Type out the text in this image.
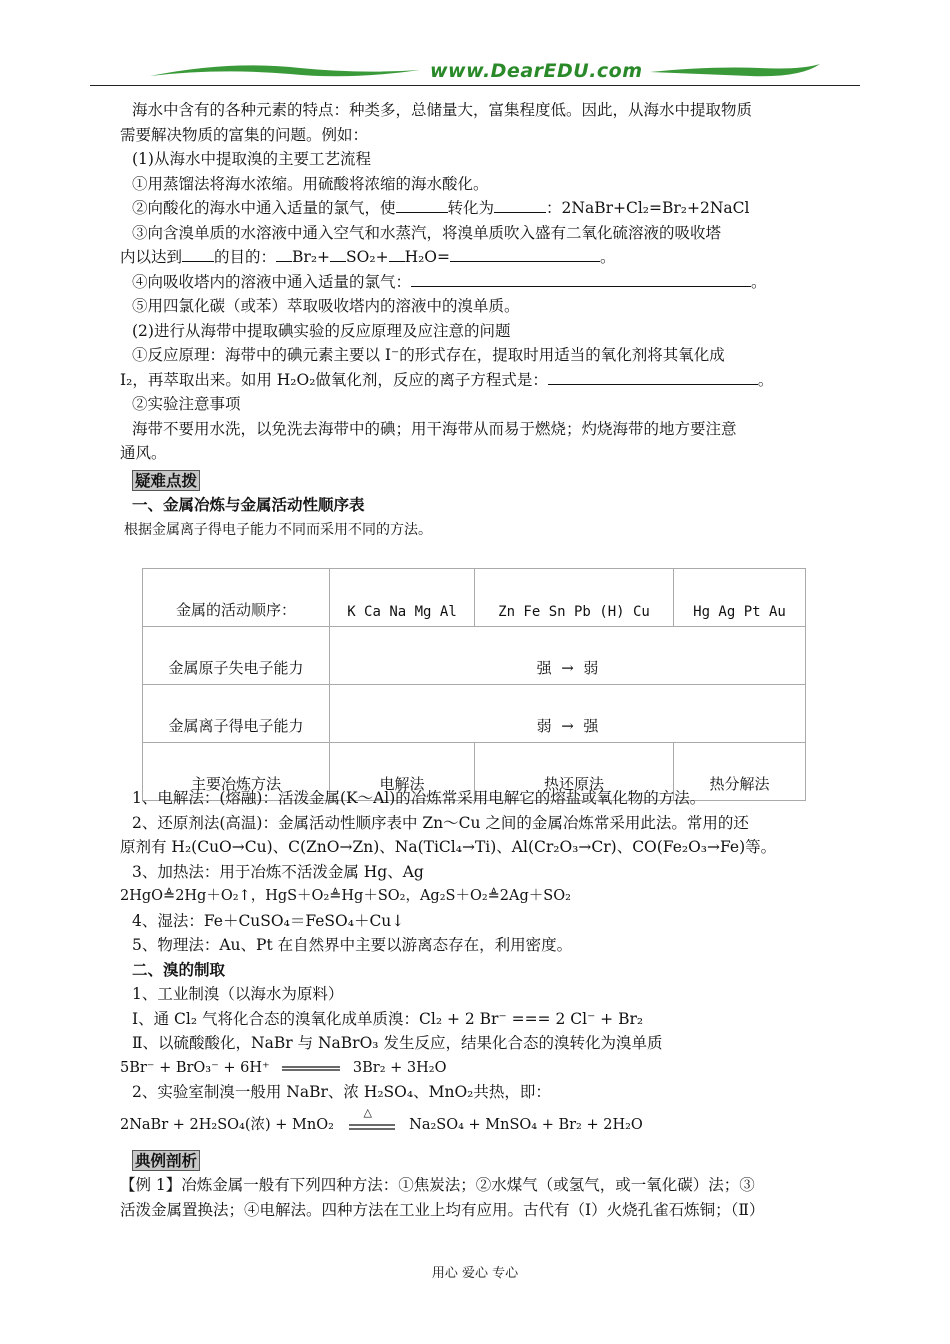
www.DearEDU.com

海水中含有的各种元素的特点：种类多，总储量大，富集程度低。因此，从海水中提取物质

需要解决物质的富集的问题。例如：

(1)从海水中提取溴的主要工艺流程

①用蒸馏法将海水浓缩。用硫酸将浓缩的海水酸化。

②向酸化的海水中通入适量的氯气，使	转化为	：2NaBr+Cl₂=Br₂+2NaCl

③向含溴单质的水溶液中通入空气和水蒸汽，将溴单质吹入盛有二氧化硫溶液的吸收塔

内以达到 的目的： Br₂+ SO₂+ H₂O=	。

④向吸收塔内的溶液中通入适量的氯气：	。

⑤用四氯化碳（或苯）萃取吸收塔内的溶液中的溴单质。

(2)进行从海带中提取碘实验的反应原理及应注意的问题

①反应原理：海带中的碘元素主要以 I⁻的形式存在，提取时用适当的氧化剂将其氧化成

I₂，再萃取出来。如用 H₂O₂做氧化剂，反应的离子方程式是：	。

②实验注意事项

海带不要用水洗，以免洗去海带中的碘；用干海带从而易于燃烧；灼烧海带的地方要注意

通风。

疑难点拨

一、金属冶炼与金属活动性顺序表

根据金属离子得电子能力不同而采用不同的方法。

金属的活动顺序：	K Ca Na Mg Al	Zn Fe Sn Pb (H) Cu	Hg Ag Pt Au
金属原子失电子能力	强  →  弱		
金属离子得电子能力	弱  →  强		
主要冶炼方法	电解法	热还原法	热分解法

1、电解法：(熔融)：活泼金属(K～Al)的冶炼常采用电解它的熔盐或氧化物的方法。

2、还原剂法(高温)：金属活动性顺序表中 Zn～Cu 之间的金属冶炼常采用此法。常用的还

原剂有 H₂(CuO→Cu)、C(ZnO→Zn)、Na(TiCl₄→Ti)、Al(Cr₂O₃→Cr)、CO(Fe₂O₃→Fe)等。

3、加热法：用于冶炼不活泼金属 Hg、Ag

2HgO≜2Hg＋O₂↑，HgS＋O₂≜Hg＋SO₂，Ag₂S＋O₂≜2Ag＋SO₂

4、湿法：Fe＋CuSO₄＝FeSO₄＋Cu↓

5、物理法：Au、Pt 在自然界中主要以游离态存在，利用密度。

二、溴的制取

1、工业制溴（以海水为原料）

Ⅰ、通 Cl₂ 气将化合态的溴氧化成单质溴：Cl₂ + 2 Br⁻ === 2 Cl⁻ + Br₂

Ⅱ、以硫酸酸化，NaBr 与 NaBrO₃ 发生反应，结果化合态的溴转化为溴单质

5Br⁻ + BrO₃⁻ + 6H⁺	3Br₂ + 3H₂O

2、实验室制溴一般用 NaBr、浓 H₂SO₄、MnO₂共热，即：

2NaBr + 2H₂SO₄(浓) + MnO₂
△
Na₂SO₄ + MnSO₄ + Br₂ + 2H₂O

典例剖析

【例 1】冶炼金属一般有下列四种方法：①焦炭法；②水煤气（或氢气，或一氧化碳）法；③

活泼金属置换法；④电解法。四种方法在工业上均有应用。古代有（Ⅰ）火烧孔雀石炼铜；（Ⅱ）

用心 爱心 专心
